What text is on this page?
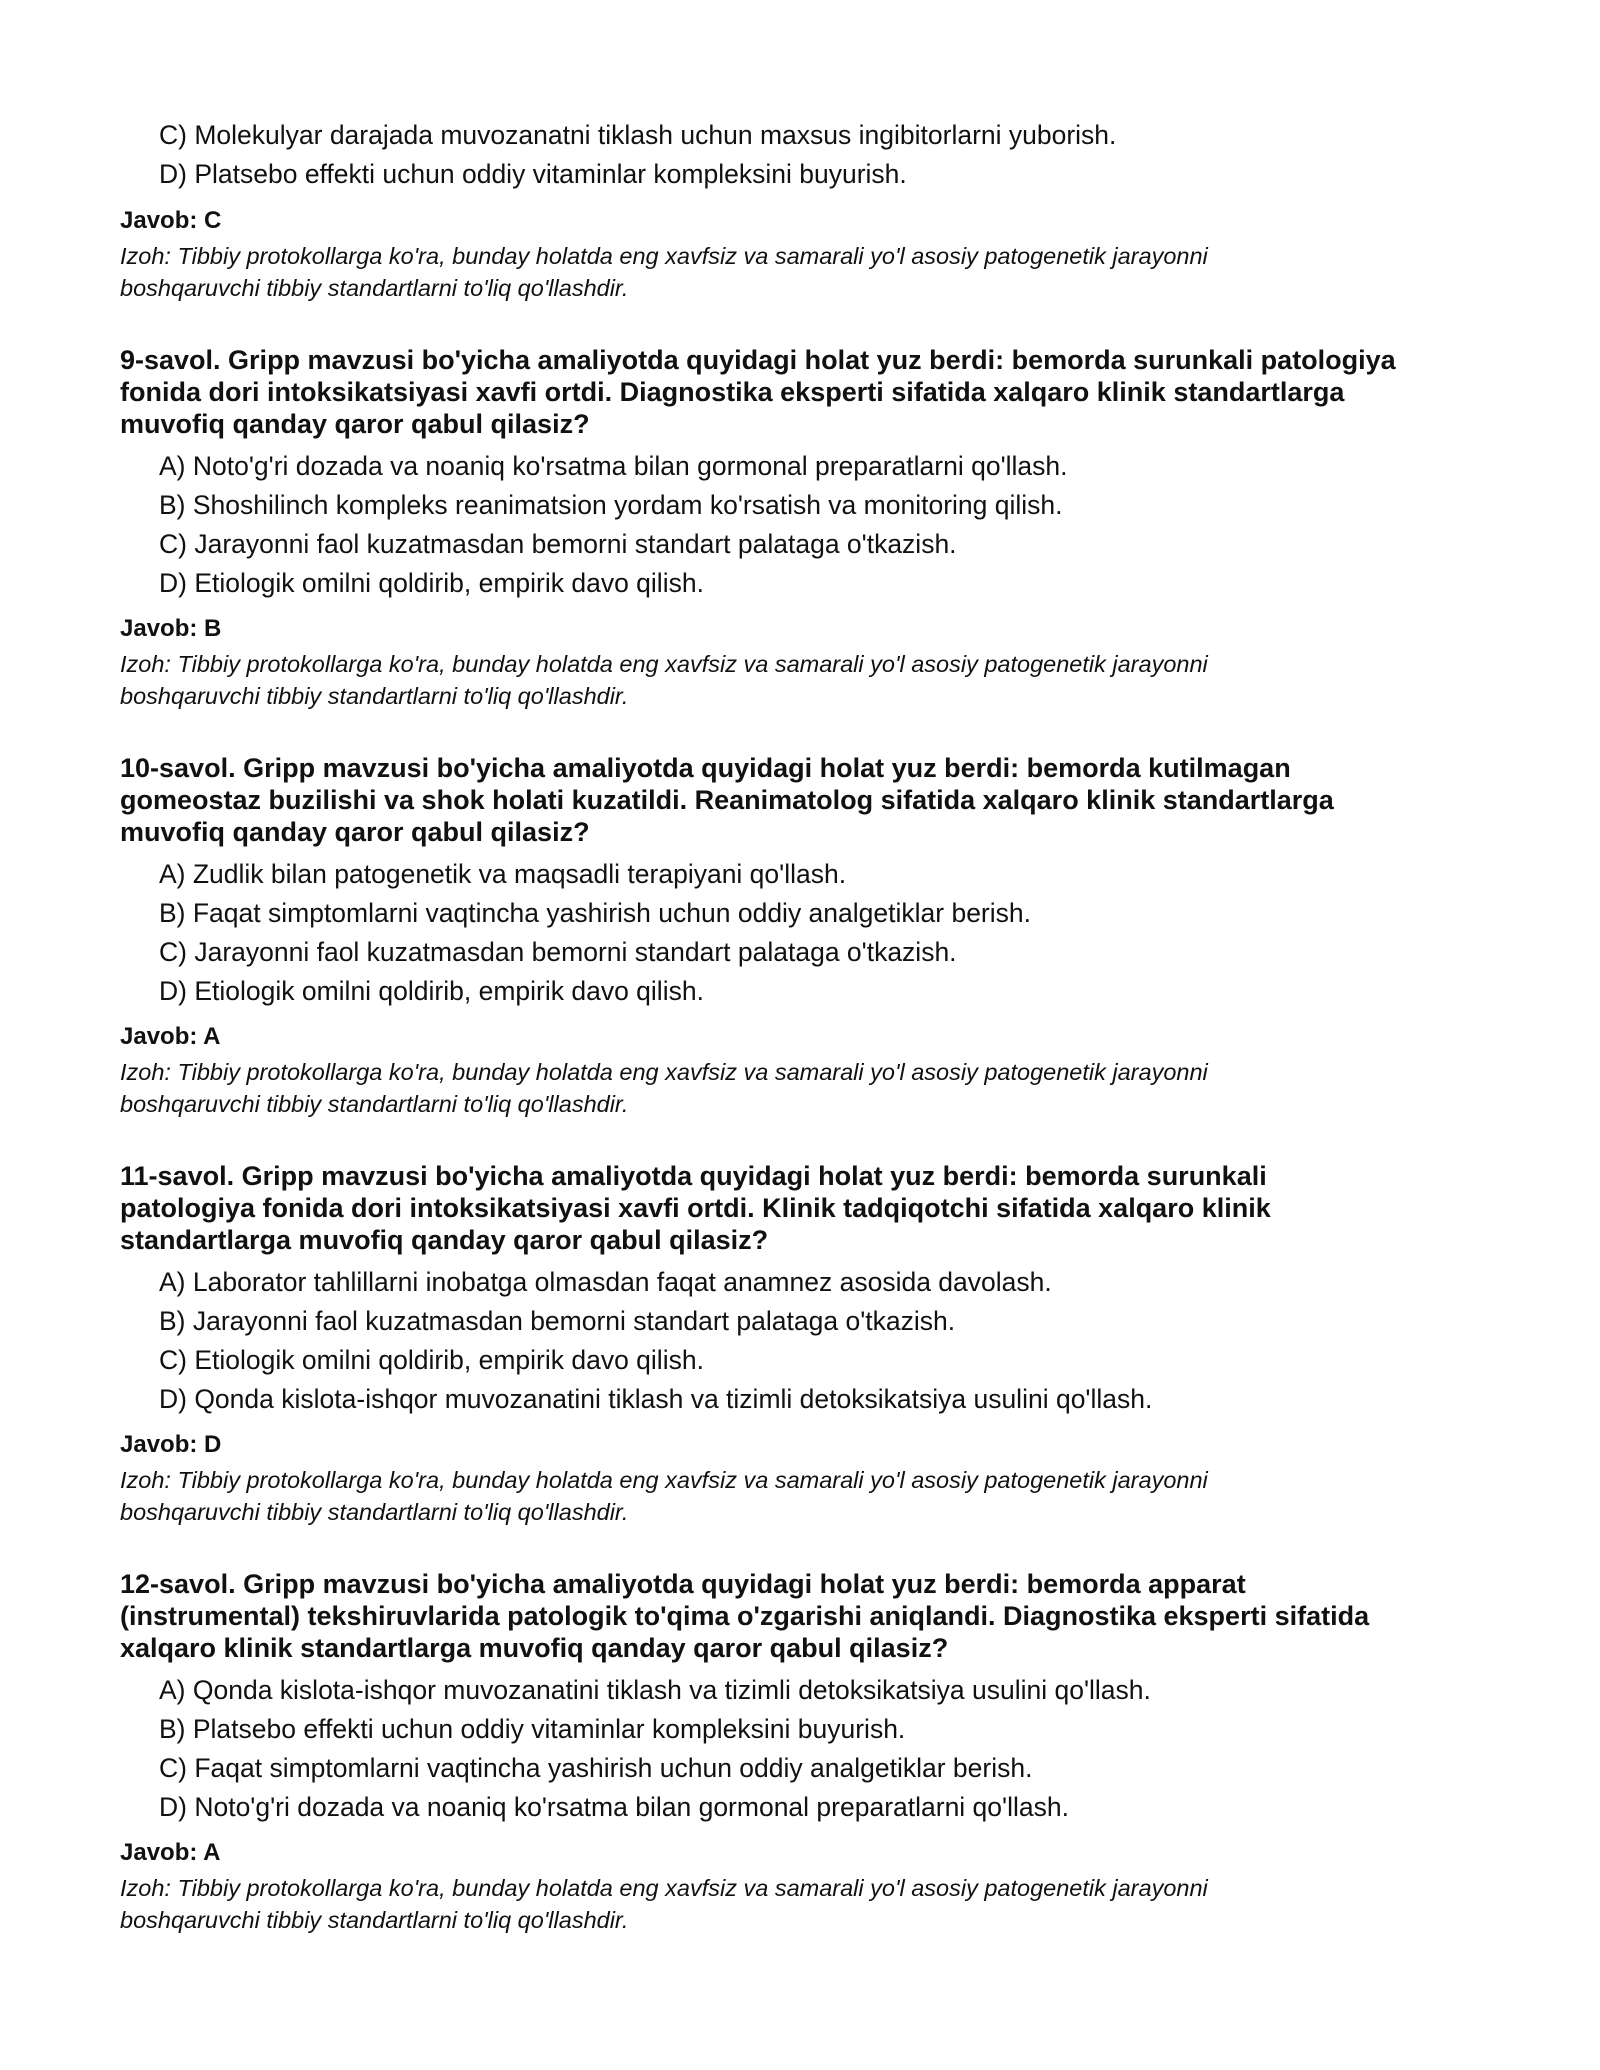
C) Molekulyar darajada muvozanatni tiklash uchun maxsus ingibitorlarni yuborish.
D) Platsebo effekti uchun oddiy vitaminlar kompleksini buyurish.
Javob: C
Izoh: Tibbiy protokollarga ko'ra, bunday holatda eng xavfsiz va samarali yo'l asosiy patogenetik jarayonni
boshqaruvchi tibbiy standartlarni to'liq qo'llashdir.
9-savol. Gripp mavzusi bo'yicha amaliyotda quyidagi holat yuz berdi: bemorda surunkali patologiya
fonida dori intoksikatsiyasi xavfi ortdi. Diagnostika eksperti sifatida xalqaro klinik standartlarga
muvofiq qanday qaror qabul qilasiz?
A) Noto'g'ri dozada va noaniq ko'rsatma bilan gormonal preparatlarni qo'llash.
B) Shoshilinch kompleks reanimatsion yordam ko'rsatish va monitoring qilish.
C) Jarayonni faol kuzatmasdan bemorni standart palataga o'tkazish.
D) Etiologik omilni qoldirib, empirik davo qilish.
Javob: B
Izoh: Tibbiy protokollarga ko'ra, bunday holatda eng xavfsiz va samarali yo'l asosiy patogenetik jarayonni
boshqaruvchi tibbiy standartlarni to'liq qo'llashdir.
10-savol. Gripp mavzusi bo'yicha amaliyotda quyidagi holat yuz berdi: bemorda kutilmagan
gomeostaz buzilishi va shok holati kuzatildi. Reanimatolog sifatida xalqaro klinik standartlarga
muvofiq qanday qaror qabul qilasiz?
A) Zudlik bilan patogenetik va maqsadli terapiyani qo'llash.
B) Faqat simptomlarni vaqtincha yashirish uchun oddiy analgetiklar berish.
C) Jarayonni faol kuzatmasdan bemorni standart palataga o'tkazish.
D) Etiologik omilni qoldirib, empirik davo qilish.
Javob: A
Izoh: Tibbiy protokollarga ko'ra, bunday holatda eng xavfsiz va samarali yo'l asosiy patogenetik jarayonni
boshqaruvchi tibbiy standartlarni to'liq qo'llashdir.
11-savol. Gripp mavzusi bo'yicha amaliyotda quyidagi holat yuz berdi: bemorda surunkali
patologiya fonida dori intoksikatsiyasi xavfi ortdi. Klinik tadqiqotchi sifatida xalqaro klinik
standartlarga muvofiq qanday qaror qabul qilasiz?
A) Laborator tahlillarni inobatga olmasdan faqat anamnez asosida davolash.
B) Jarayonni faol kuzatmasdan bemorni standart palataga o'tkazish.
C) Etiologik omilni qoldirib, empirik davo qilish.
D) Qonda kislota-ishqor muvozanatini tiklash va tizimli detoksikatsiya usulini qo'llash.
Javob: D
Izoh: Tibbiy protokollarga ko'ra, bunday holatda eng xavfsiz va samarali yo'l asosiy patogenetik jarayonni
boshqaruvchi tibbiy standartlarni to'liq qo'llashdir.
12-savol. Gripp mavzusi bo'yicha amaliyotda quyidagi holat yuz berdi: bemorda apparat
(instrumental) tekshiruvlarida patologik to'qima o'zgarishi aniqlandi. Diagnostika eksperti sifatida
xalqaro klinik standartlarga muvofiq qanday qaror qabul qilasiz?
A) Qonda kislota-ishqor muvozanatini tiklash va tizimli detoksikatsiya usulini qo'llash.
B) Platsebo effekti uchun oddiy vitaminlar kompleksini buyurish.
C) Faqat simptomlarni vaqtincha yashirish uchun oddiy analgetiklar berish.
D) Noto'g'ri dozada va noaniq ko'rsatma bilan gormonal preparatlarni qo'llash.
Javob: A
Izoh: Tibbiy protokollarga ko'ra, bunday holatda eng xavfsiz va samarali yo'l asosiy patogenetik jarayonni
boshqaruvchi tibbiy standartlarni to'liq qo'llashdir.
